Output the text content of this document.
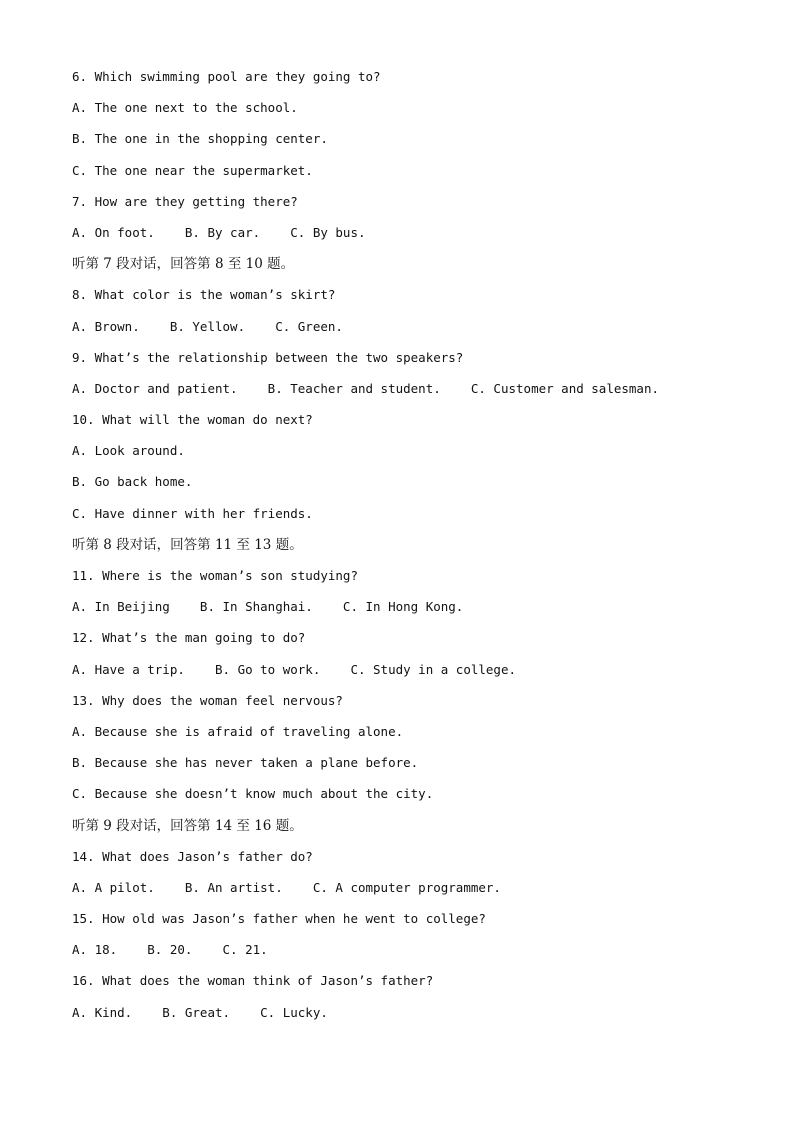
6. Which swimming pool are they going to?
A. The one next to the school.
B. The one in the shopping center.
C. The one near the supermarket.
7. How are they getting there?
A. On foot.    B. By car.    C. By bus.
听第 7 段对话，回答第 8 至 10 题。
8. What color is the woman’s skirt?
A. Brown.    B. Yellow.    C. Green.
9. What’s the relationship between the two speakers?
A. Doctor and patient.    B. Teacher and student.    C. Customer and salesman.
10. What will the woman do next?
A. Look around.
B. Go back home.
C. Have dinner with her friends.
听第 8 段对话，回答第 11 至 13 题。
11. Where is the woman’s son studying?
A. In Beijing    B. In Shanghai.    C. In Hong Kong.
12. What’s the man going to do?
A. Have a trip.    B. Go to work.    C. Study in a college.
13. Why does the woman feel nervous?
A. Because she is afraid of traveling alone.
B. Because she has never taken a plane before.
C. Because she doesn’t know much about the city.
听第 9 段对话，回答第 14 至 16 题。
14. What does Jason’s father do?
A. A pilot.    B. An artist.    C. A computer programmer.
15. How old was Jason’s father when he went to college?
A. 18.    B. 20.    C. 21.
16. What does the woman think of Jason’s father?
A. Kind.    B. Great.    C. Lucky.
